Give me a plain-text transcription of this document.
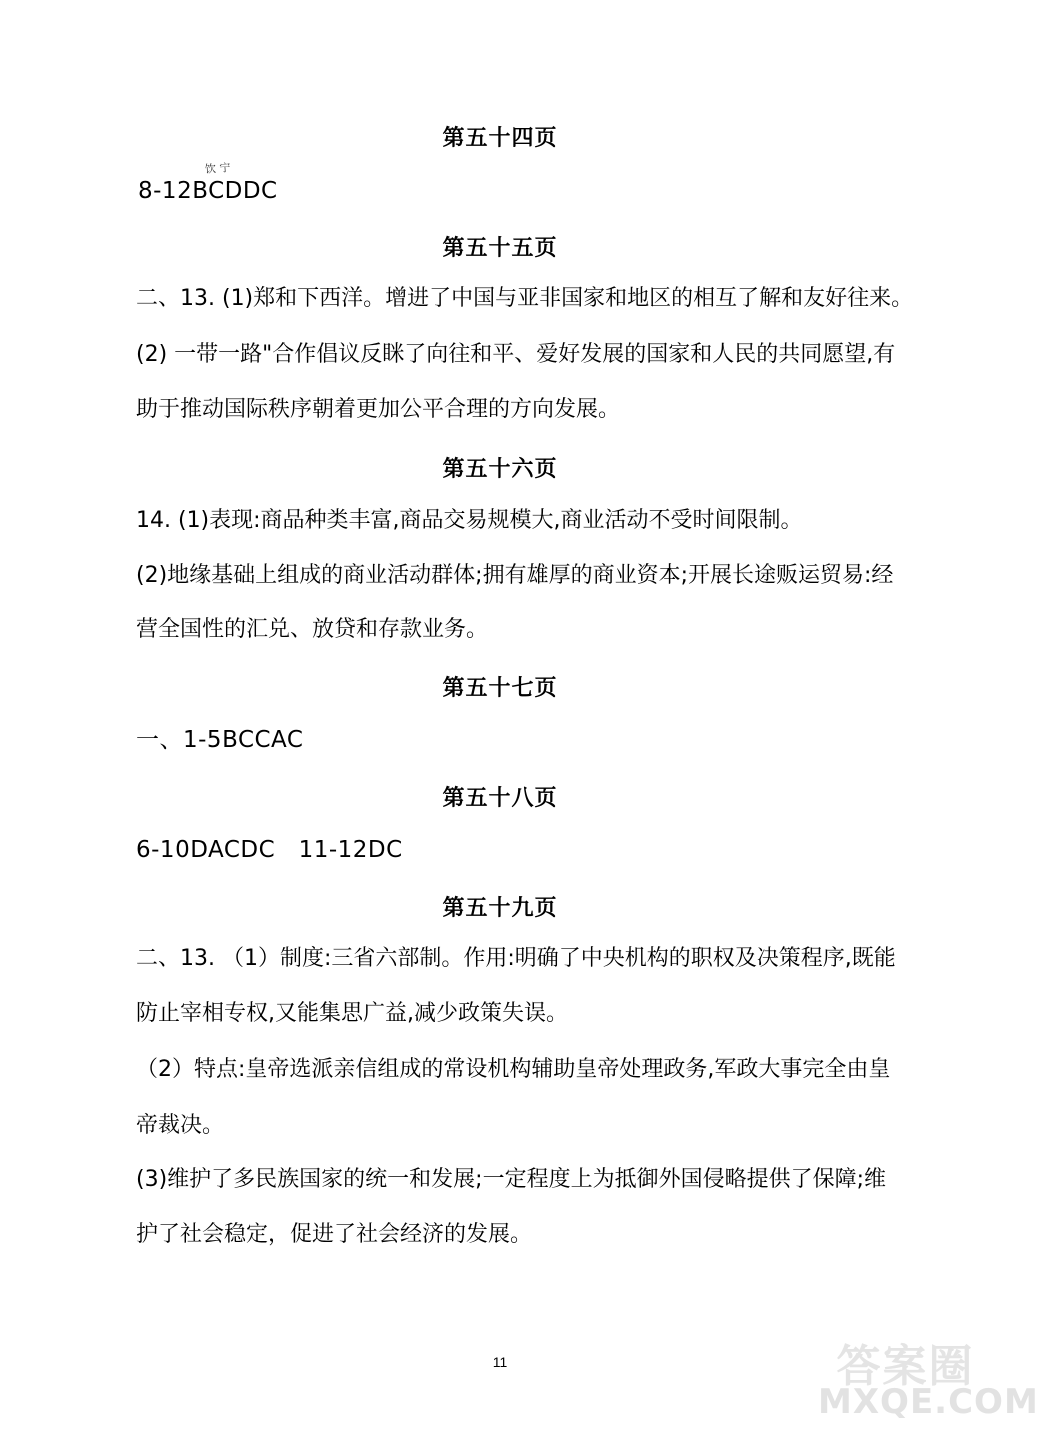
第五十四页
饮 宁
8-12BCDDC
第五十五页
二、13. (1)郑和下西洋。增进了中国与亚非国家和地区的相互了解和友好往来。
(2) 一带一路"合作倡议反眯了向往和平、爱好发展的国家和人民的共同愿望,有
助于推动国际秩序朝着更加公平合理的方向发展。
第五十六页
14. (1)表现:商品种类丰富,商品交易规模大,商业活动不受时间限制。
(2)地缘基础上组成的商业活动群体;拥有雄厚的商业资本;开展长途贩运贸易:经
营全国性的汇兑、放贷和存款业务。
第五十七页
一、1-5BCCAC
第五十八页
6-10DACDC   11-12DC
第五十九页
二、13. （1）制度:三省六部制。作用:明确了中央机构的职权及决策程序,既能
防止宰相专权,又能集思广益,减少政策失误。
（2）特点:皇帝选派亲信组成的常设机构辅助皇帝处理政务,军政大事完全由皇
帝裁决。
(3)维护了多民族国家的统一和发展;一定程度上为抵御外国侵略提供了保障;维
护了社会稳定，促进了社会经济的发展。
11	答案圈
MXQE.COM
